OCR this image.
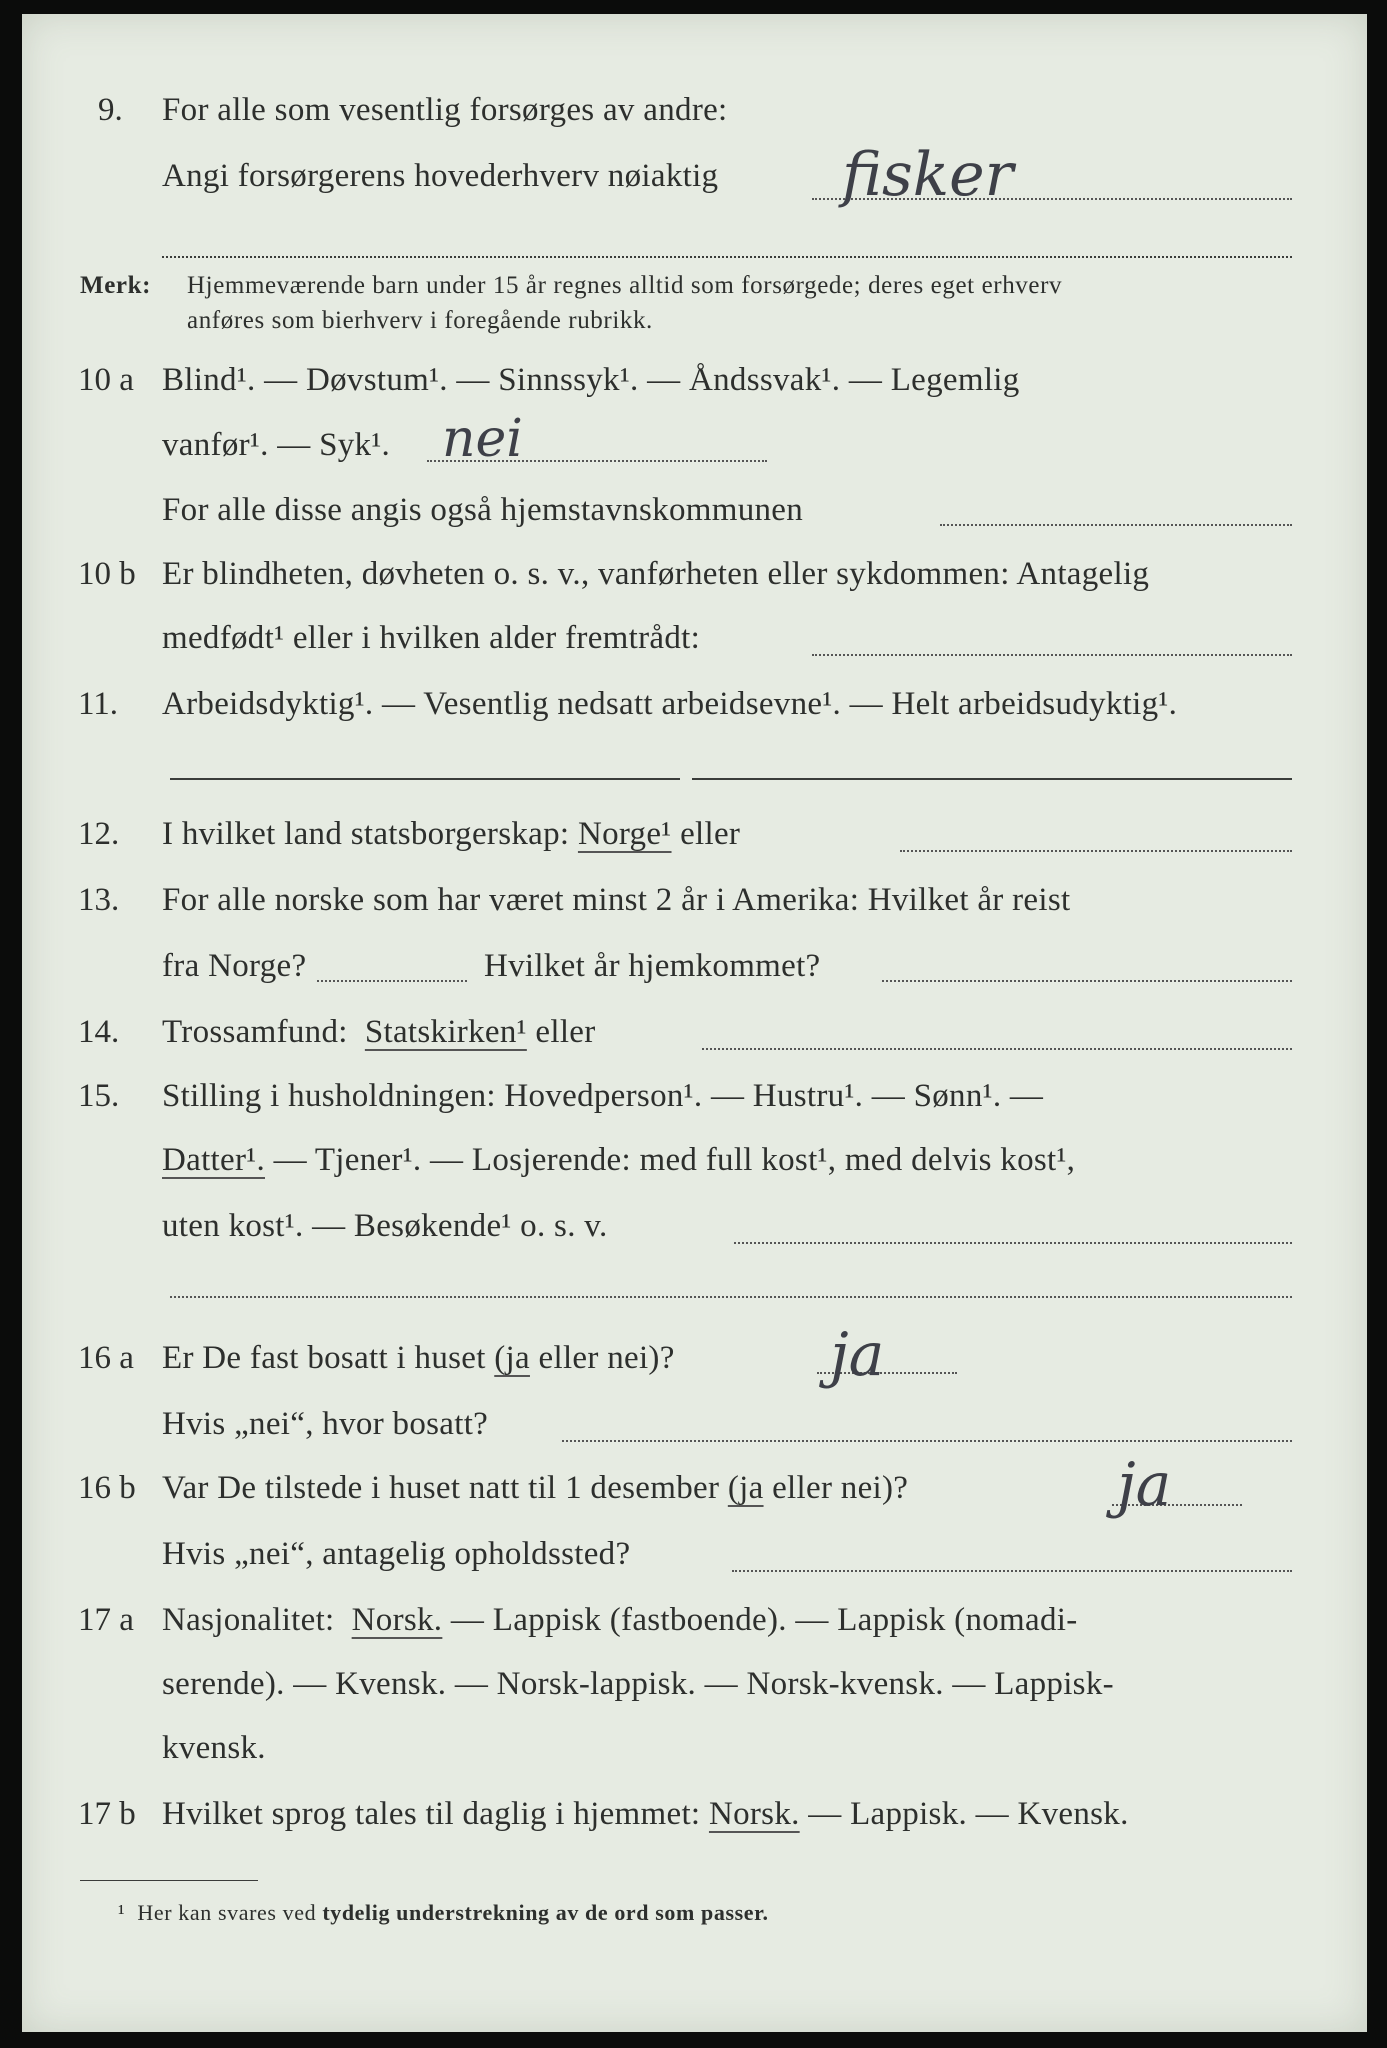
9. For alle som vesentlig forsørges av andre:
Angi forsørgerens hovederhverv nøiaktig fisker
Merk: Hjemmeværende barn under 15 år regnes alltid som forsørgede; deres eget erhverv
anføres som bierhverv i foregående rubrikk.
10 a Blind¹. — Døvstum¹. — Sinnssyk¹. — Åndssvak¹. — Legemlig
vanfør¹. — Syk¹. nei
For alle disse angis også hjemstavnskommunen
10 b Er blindheten, døvheten o. s. v., vanførheten eller sykdommen: Antagelig
medfødt¹ eller i hvilken alder fremtrådt:
11. Arbeidsdyktig¹. — Vesentlig nedsatt arbeidsevne¹. — Helt arbeidsudyktig¹.
12. I hvilket land statsborgerskap: Norge¹ eller
13. For alle norske som har været minst 2 år i Amerika: Hvilket år reist
fra Norge?	Hvilket år hjemkommet?
14. Trossamfund: Statskirken¹ eller
15. Stilling i husholdningen: Hovedperson¹. — Hustru¹. — Sønn¹. —
Datter¹. — Tjener¹. — Losjerende: med full kost¹, med delvis kost¹,
uten kost¹. — Besøkende¹ o. s. v.
16 a Er De fast bosatt i huset (ja eller nei)?	ja
Hvis „nei“, hvor bosatt?
16 b Var De tilstede i huset natt til 1 desember (ja eller nei)?	ja
Hvis „nei“, antagelig opholdssted?
17 a Nasjonalitet: Norsk. — Lappisk (fastboende). — Lappisk (nomadi-
serende). — Kvensk. — Norsk-lappisk. — Norsk-kvensk. — Lappisk-
kvensk.
17 b Hvilket sprog tales til daglig i hjemmet: Norsk. — Lappisk. — Kvensk.
¹ Her kan svares ved tydelig understrekning av de ord som passer.
